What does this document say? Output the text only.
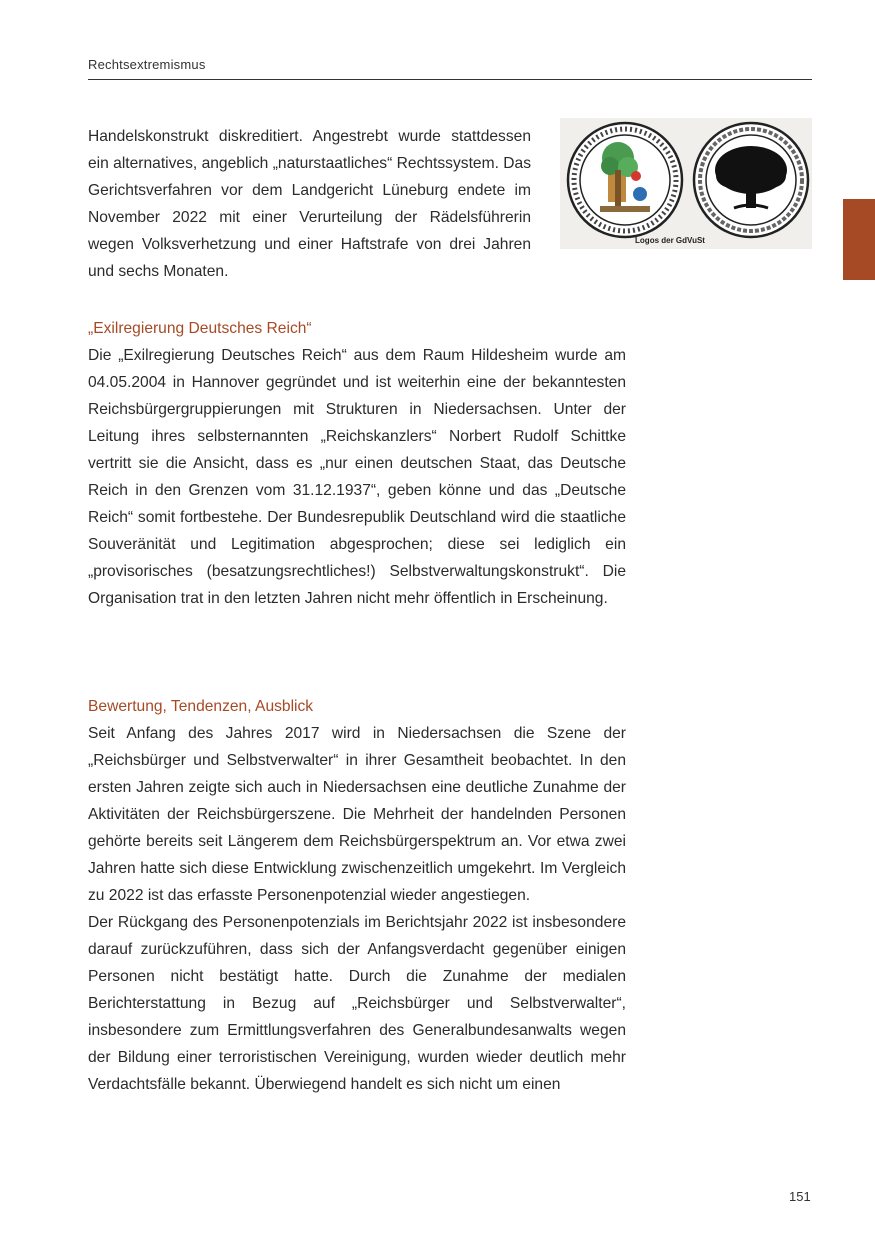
Rechtsextremismus

Handelskonstrukt diskreditiert. Angestrebt wurde stattdessen ein alternatives, angeblich „naturstaatliches“ Rechtssystem. Das Gerichtsverfahren vor dem Landgericht Lüneburg endete im November 2022 mit einer Verurteilung der Rädelsführerin wegen Volksverhetzung und einer Haftstrafe von drei Jahren und sechs Monaten.

Logos der GdVuSt
„Exilregierung Deutsches Reich“

Die „Exilregierung Deutsches Reich“ aus dem Raum Hildesheim wurde am 04.05.2004 in Hannover gegründet und ist weiterhin eine der bekanntesten Reichsbürgergruppierungen mit Strukturen in Niedersachsen. Unter der Leitung ihres selbsternannten „Reichskanzlers“ Norbert Rudolf Schittke vertritt sie die Ansicht, dass es „nur einen deutschen Staat, das Deutsche Reich in den Grenzen vom 31.12.1937“, geben könne und das „Deutsche Reich“ somit fortbestehe. Der Bundesrepublik Deutschland wird die staatliche Souveränität und Legitimation abgesprochen; diese sei lediglich ein „provisorisches (besatzungsrechtliches!) Selbstverwaltungskonstrukt“. Die Organisation trat in den letzten Jahren nicht mehr öffentlich in Erscheinung.

Bewertung, Tendenzen, Ausblick

Seit Anfang des Jahres 2017 wird in Niedersachsen die Szene der „Reichsbürger und Selbstverwalter“ in ihrer Gesamtheit beobachtet. In den ersten Jahren zeigte sich auch in Niedersachsen eine deutliche Zunahme der Aktivitäten der Reichsbürgerszene. Die Mehrheit der handelnden Personen gehörte bereits seit Längerem dem Reichsbürgerspektrum an. Vor etwa zwei Jahren hatte sich diese Entwicklung zwischenzeitlich umgekehrt. Im Vergleich zu 2022 ist das erfasste Personenpotenzial wieder angestiegen.

Der Rückgang des Personenpotenzials im Berichtsjahr 2022 ist insbesondere darauf zurückzuführen, dass sich der Anfangsverdacht gegenüber einigen Personen nicht bestätigt hatte. Durch die Zunahme der medialen Berichterstattung in Bezug auf „Reichsbürger und Selbstverwalter“, insbesondere zum Ermittlungsverfahren des Generalbundesanwalts wegen der Bildung einer terroristischen Vereinigung, wurden wieder deutlich mehr Verdachtsfälle bekannt. Überwiegend handelt es sich nicht um einen

151
